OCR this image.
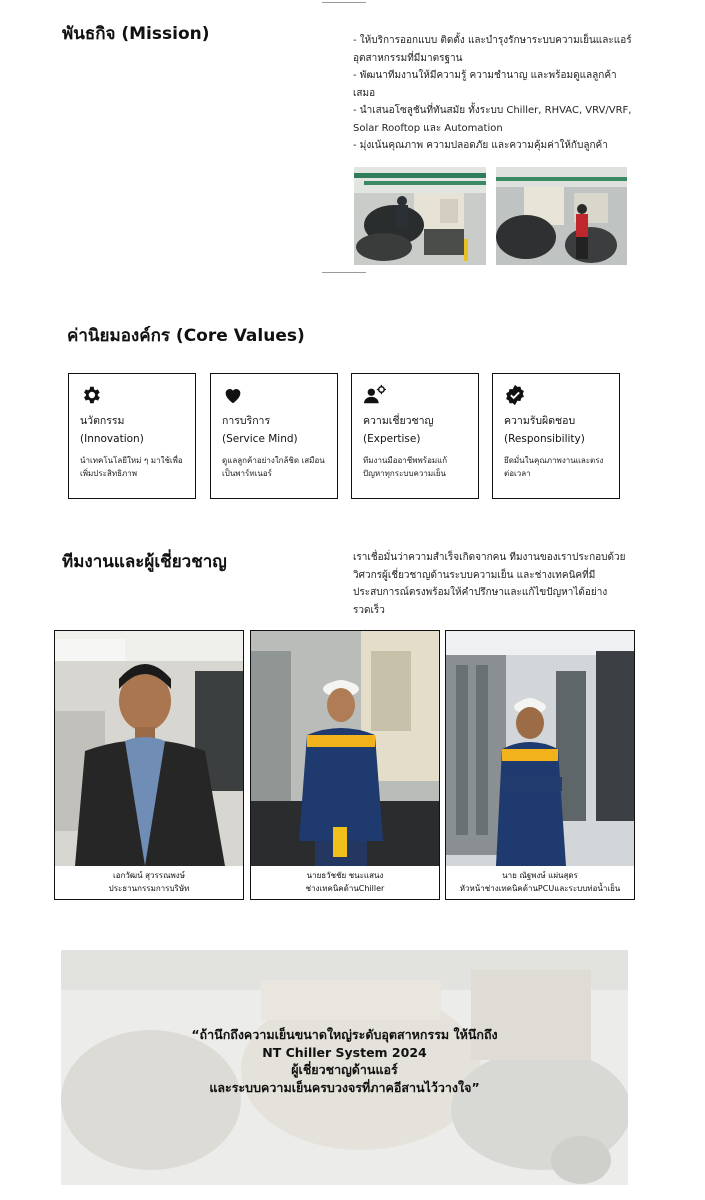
พันธกิจ (Mission)	- ให้บริการออกแบบ ติดตั้ง และบำรุงรักษาระบบความเย็นและแอร์อุตสาหกรรมที่มีมาตรฐาน
- พัฒนาทีมงานให้มีความรู้ ความชำนาญ และพร้อมดูแลลูกค้าเสมอ
- นำเสนอโซลูชันที่ทันสมัย ทั้งระบบ Chiller, RHVAC, VRV/VRF, Solar Rooftop และ Automation
- มุ่งเน้นคุณภาพ ความปลอดภัย และความคุ้มค่าให้กับลูกค้า
ค่านิยมองค์กร (Core Values)
นวัตกรรม
(Innovation)
นำเทคโนโลยีใหม่ ๆ มาใช้เพื่อเพิ่มประสิทธิภาพ
การบริการ
(Service Mind)
ดูแลลูกค้าอย่างใกล้ชิด เสมือนเป็นพาร์ทเนอร์
ความเชี่ยวชาญ
(Expertise)
ทีมงานมืออาชีพพร้อมแก้ปัญหาทุกระบบความเย็น
ความรับผิดชอบ
(Responsibility)
ยึดมั่นในคุณภาพงานและตรงต่อเวลา
ทีมงานและผู้เชี่ยวชาญ	เราเชื่อมั่นว่าความสำเร็จเกิดจากคน ทีมงานของเราประกอบด้วยวิศวกรผู้เชี่ยวชาญด้านระบบความเย็น และช่างเทคนิคที่มีประสบการณ์ตรงพร้อมให้คำปรึกษาและแก้ไขปัญหาได้อย่างรวดเร็ว
เอกวัฒน์ สุวรรณพงษ์
ประธานกรรมการบริษัท
นายธวัชชัย ชนะแสนง
ช่างเทคนิคด้านChiller
นาย ณัฐพงษ์ แผ่นสุดร
หัวหน้าช่างเทคนิคด้านPCUและระบบท่อน้ำเย็น
“ถ้านึกถึงความเย็นขนาดใหญ่ระดับอุตสาหกรรม ให้นึกถึง
NT Chiller System 2024
ผู้เชี่ยวชาญด้านแอร์
และระบบความเย็นครบวงจรที่ภาคอีสานไว้วางใจ”
